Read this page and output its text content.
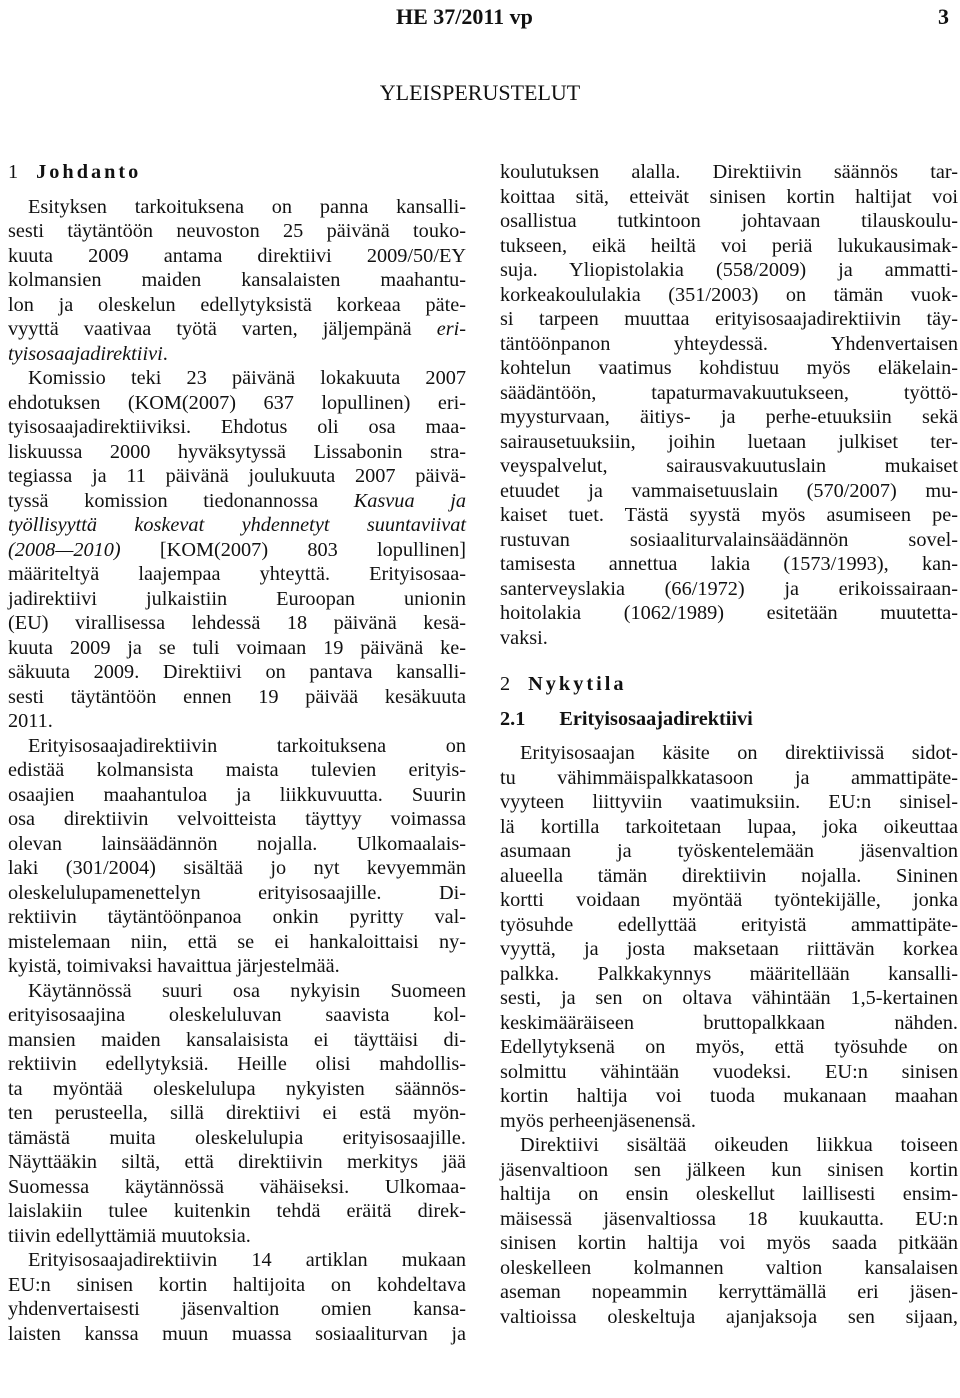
HE 37/2011 vp	3
YLEISPERUSTELUT
1 Johdanto
Esityksen tarkoituksena on panna kansalli-
sesti täytäntöön neuvoston 25 päivänä touko-
kuuta 2009 antama direktiivi 2009/50/EY
kolmansien maiden kansalaisten maahantu-
lon ja oleskelun edellytyksistä korkeaa päte-
vyyttä vaativaa työtä varten, jäljempänä eri-
tyisosaajadirektiivi.
Komissio teki 23 päivänä lokakuuta 2007
ehdotuksen (KOM(2007) 637 lopullinen) eri-
tyisosaajadirektiiviksi. Ehdotus oli osa maa-
liskuussa 2000 hyväksytyssä Lissabonin stra-
tegiassa ja 11 päivänä joulukuuta 2007 päivä-
tyssä komission tiedonannossa Kasvua ja
työllisyyttä koskevat yhdennetyt suuntaviivat
(2008—2010) [KOM(2007) 803 lopullinen]
määriteltyä laajempaa yhteyttä. Erityisosaa-
jadirektiivi julkaistiin Euroopan unionin
(EU) virallisessa lehdessä 18 päivänä kesä-
kuuta 2009 ja se tuli voimaan 19 päivänä ke-
säkuuta 2009. Direktiivi on pantava kansalli-
sesti täytäntöön ennen 19 päivää kesäkuuta
2011.
Erityisosaajadirektiivin tarkoituksena on
edistää kolmansista maista tulevien erityis-
osaajien maahantuloa ja liikkuvuutta. Suurin
osa direktiivin velvoitteista täyttyy voimassa
olevan lainsäädännön nojalla. Ulkomaalais-
laki (301/2004) sisältää jo nyt kevyemmän
oleskelulupamenettelyn erityisosaajille. Di-
rektiivin täytäntöönpanoa onkin pyritty val-
mistelemaan niin, että se ei hankaloittaisi ny-
kyistä, toimivaksi havaittua järjestelmää.
Käytännössä suuri osa nykyisin Suomeen
erityisosaajina oleskeluluvan saavista kol-
mansien maiden kansalaisista ei täyttäisi di-
rektiivin edellytyksiä. Heille olisi mahdollis-
ta myöntää oleskelulupa nykyisten säännös-
ten perusteella, sillä direktiivi ei estä myön-
tämästä muita oleskelulupia erityisosaajille.
Näyttääkin siltä, että direktiivin merkitys jää
Suomessa käytännössä vähäiseksi. Ulkomaa-
laislakiin tulee kuitenkin tehdä eräitä direk-
tiivin edellyttämiä muutoksia.
Erityisosaajadirektiivin 14 artiklan mukaan
EU:n sinisen kortin haltijoita on kohdeltava
yhdenvertaisesti jäsenvaltion omien kansa-
laisten kanssa muun muassa sosiaaliturvan ja
koulutuksen alalla. Direktiivin säännös tar-
koittaa sitä, etteivät sinisen kortin haltijat voi
osallistua tutkintoon johtavaan tilauskoulu-
tukseen, eikä heiltä voi periä lukukausimak-
suja. Yliopistolakia (558/2009) ja ammatti-
korkeakoululakia (351/2003) on tämän vuok-
si tarpeen muuttaa erityisosaajadirektiivin täy-
täntöönpanon yhteydessä. Yhdenvertaisen
kohtelun vaatimus kohdistuu myös eläkelain-
säädäntöön, tapaturmavakuutukseen, työttö-
myysturvaan, äitiys- ja perhe-etuuksiin sekä
sairausetuuksiin, joihin luetaan julkiset ter-
veyspalvelut, sairausvakuutuslain mukaiset
etuudet ja vammaisetuuslain (570/2007) mu-
kaiset tuet. Tästä syystä myös asumiseen pe-
rustuvan sosiaaliturvalainsäädännön sovel-
tamisesta annettua lakia (1573/1993), kan-
santerveyslakia (66/1972) ja erikoissairaan-
hoitolakia (1062/1989) esitetään muutetta-
vaksi.
2 Nykytila
2.1 Erityisosaajadirektiivi
Erityisosaajan käsite on direktiivissä sidot-
tu vähimmäispalkkatasoon ja ammattipäte-
vyyteen liittyviin vaatimuksiin. EU:n sinisel-
lä kortilla tarkoitetaan lupaa, joka oikeuttaa
asumaan ja työskentelemään jäsenvaltion
alueella tämän direktiivin nojalla. Sininen
kortti voidaan myöntää työntekijälle, jonka
työsuhde edellyttää erityistä ammattipäte-
vyyttä, ja josta maksetaan riittävän korkea
palkka. Palkkakynnys määritellään kansalli-
sesti, ja sen on oltava vähintään 1,5-kertainen
keskimääräiseen bruttopalkkaan nähden.
Edellytyksenä on myös, että työsuhde on
solmittu vähintään vuodeksi. EU:n sinisen
kortin haltija voi tuoda mukanaan maahan
myös perheenjäsenensä.
Direktiivi sisältää oikeuden liikkua toiseen
jäsenvaltioon sen jälkeen kun sinisen kortin
haltija on ensin oleskellut laillisesti ensim-
mäisessä jäsenvaltiossa 18 kuukautta. EU:n
sinisen kortin haltija voi myös saada pitkään
oleskelleen kolmannen valtion kansalaisen
aseman nopeammin kerryttämällä eri jäsen-
valtioissa oleskeltuja ajanjaksoja sen sijaan,
